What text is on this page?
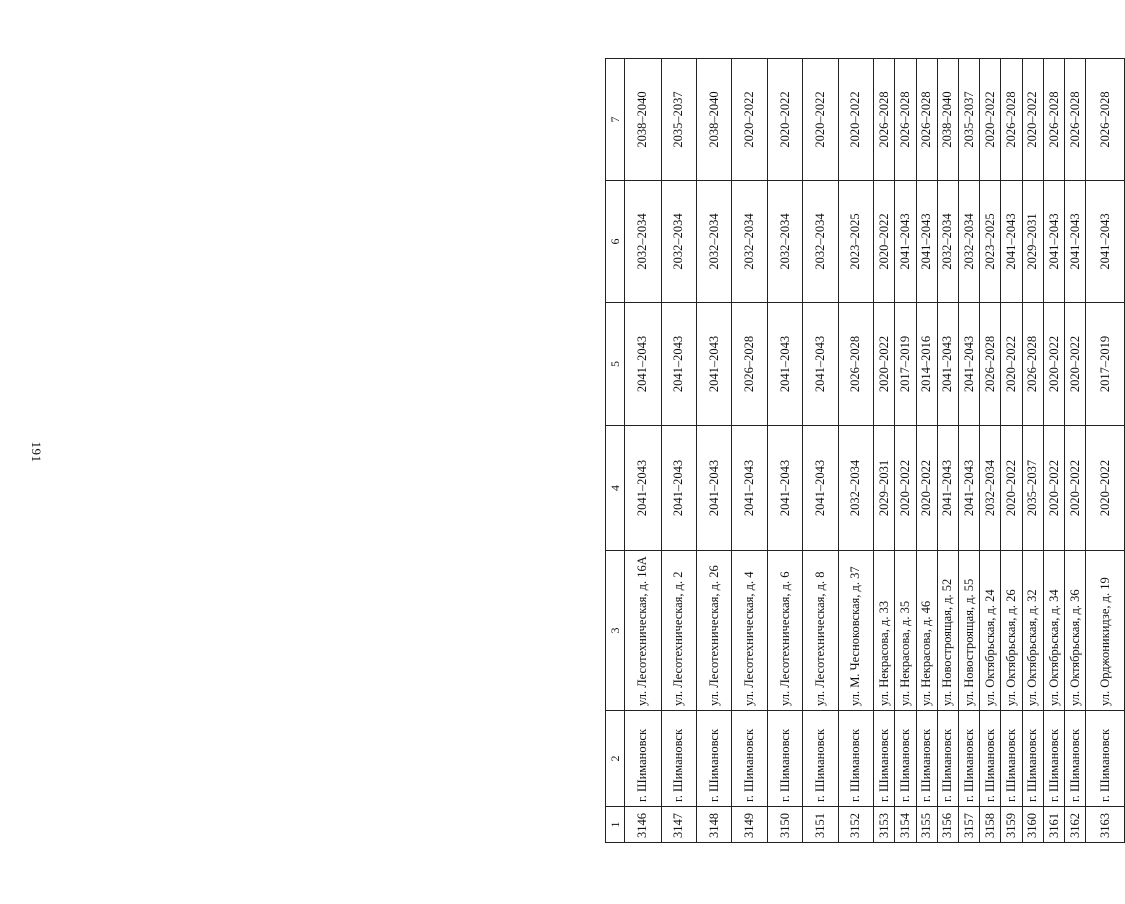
191
1	2	3	4	5	6	7
3146	г. Шимановск	ул. Лесотехническая, д. 16А	2041–2043	2041–2043	2032–2034	2038–2040
3147	г. Шимановск	ул. Лесотехническая, д. 2	2041–2043	2041–2043	2032–2034	2035–2037
3148	г. Шимановск	ул. Лесотехническая, д. 26	2041–2043	2041–2043	2032–2034	2038–2040
3149	г. Шимановск	ул. Лесотехническая, д. 4	2041–2043	2026–2028	2032–2034	2020–2022
3150	г. Шимановск	ул. Лесотехническая, д. 6	2041–2043	2041–2043	2032–2034	2020–2022
3151	г. Шимановск	ул. Лесотехническая, д. 8	2041–2043	2041–2043	2032–2034	2020–2022
3152	г. Шимановск	ул. М. Чесноковская, д. 37	2032–2034	2026–2028	2023–2025	2020–2022
3153	г. Шимановск	ул. Некрасова, д. 33	2029–2031	2020–2022	2020–2022	2026–2028
3154	г. Шимановск	ул. Некрасова, д. 35	2020–2022	2017–2019	2041–2043	2026–2028
3155	г. Шимановск	ул. Некрасова, д. 46	2020–2022	2014–2016	2041–2043	2026–2028
3156	г. Шимановск	ул. Новостроящая, д. 52	2041–2043	2041–2043	2032–2034	2038–2040
3157	г. Шимановск	ул. Новостроящая, д. 55	2041–2043	2041–2043	2032–2034	2035–2037
3158	г. Шимановск	ул. Октябрьская, д. 24	2032–2034	2026–2028	2023–2025	2020–2022
3159	г. Шимановск	ул. Октябрьская, д. 26	2020–2022	2020–2022	2041–2043	2026–2028
3160	г. Шимановск	ул. Октябрьская, д. 32	2035–2037	2026–2028	2029–2031	2020–2022
3161	г. Шимановск	ул. Октябрьская, д. 34	2020–2022	2020–2022	2041–2043	2026–2028
3162	г. Шимановск	ул. Октябрьская, д. 36	2020–2022	2020–2022	2041–2043	2026–2028
3163	г. Шимановск	ул. Орджоникидзе, д. 19	2020–2022	2017–2019	2041–2043	2026–2028
